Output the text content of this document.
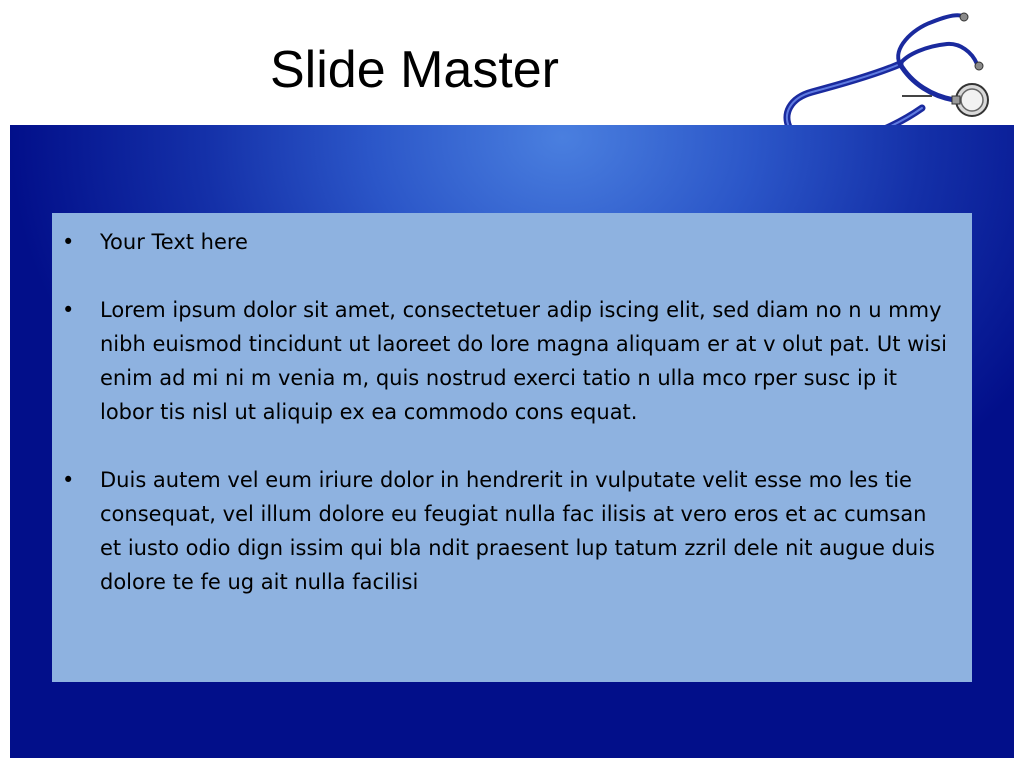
Slide Master
• Your Text here
• Lorem ipsum dolor sit amet, consectetuer adip iscing elit, sed diam no n u mmy nibh euismod tincidunt ut laoreet do lore magna aliquam er at v olut pat. Ut wisi enim ad mi ni m venia m, quis nostrud exerci tatio n ulla mco rper susc ip it lobor tis nisl ut aliquip ex ea commodo cons equat.
• Duis autem vel eum iriure dolor in hendrerit in vulputate velit esse mo les tie consequat, vel illum dolore eu feugiat nulla fac ilisis at vero eros et ac cumsan et iusto odio dign issim qui bla ndit praesent lup tatum zzril dele nit augue duis dolore te fe ug ait nulla facilisi
